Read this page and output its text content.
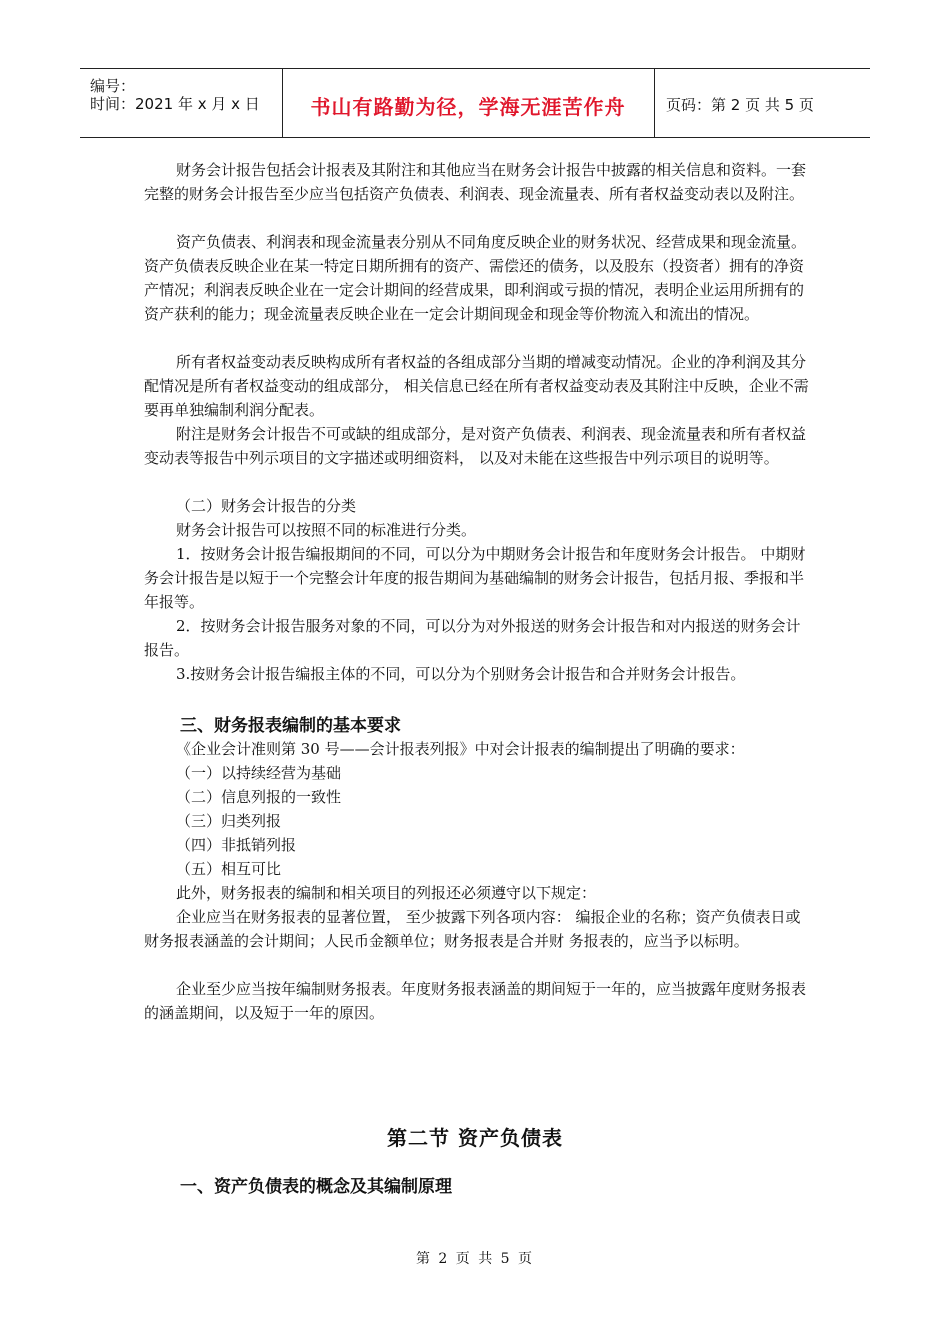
编号：
时间：2021 年 x 月 x 日	书山有路勤为径，学海无涯苦作舟	页码：第 2 页 共 5 页
财务会计报告包括会计报表及其附注和其他应当在财务会计报告中披露的相关信息和资料。一套完整的财务会计报告至少应当包括资产负债表、利润表、现金流量表、所有者权益变动表以及附注。
资产负债表、利润表和现金流量表分别从不同角度反映企业的财务状况、经营成果和现金流量。资产负债表反映企业在某一特定日期所拥有的资产、需偿还的债务，以及股东（投资者）拥有的净资产情况；利润表反映企业在一定会计期间的经营成果，即利润或亏损的情况，表明企业运用所拥有的资产获利的能力；现金流量表反映企业在一定会计期间现金和现金等价物流入和流出的情况。
所有者权益变动表反映构成所有者权益的各组成部分当期的增减变动情况。企业的净利润及其分配情况是所有者权益变动的组成部分， 相关信息已经在所有者权益变动表及其附注中反映，企业不需要再单独编制利润分配表。
附注是财务会计报告不可或缺的组成部分，是对资产负债表、利润表、现金流量表和所有者权益变动表等报告中列示项目的文字描述或明细资料， 以及对未能在这些报告中列示项目的说明等。
（二）财务会计报告的分类
财务会计报告可以按照不同的标准进行分类。
1．按财务会计报告编报期间的不同，可以分为中期财务会计报告和年度财务会计报告。 中期财务会计报告是以短于一个完整会计年度的报告期间为基础编制的财务会计报告，包括月报、季报和半年报等。
2．按财务会计报告服务对象的不同，可以分为对外报送的财务会计报告和对内报送的财务会计报告。
3.按财务会计报告编报主体的不同，可以分为个别财务会计报告和合并财务会计报告。
三、财务报表编制的基本要求
《企业会计准则第 30 号——会计报表列报》中对会计报表的编制提出了明确的要求：
（一）以持续经营为基础
（二）信息列报的一致性
（三）归类列报
（四）非抵销列报
（五）相互可比
此外，财务报表的编制和相关项目的列报还必须遵守以下规定：
企业应当在财务报表的显著位置， 至少披露下列各项内容： 编报企业的名称；资产负债表日或财务报表涵盖的会计期间；人民币金额单位；财务报表是合并财 务报表的，应当予以标明。
企业至少应当按年编制财务报表。年度财务报表涵盖的期间短于一年的，应当披露年度财务报表的涵盖期间，以及短于一年的原因。
第二节 资产负债表
一、资产负债表的概念及其编制原理
第 2 页 共 5 页
